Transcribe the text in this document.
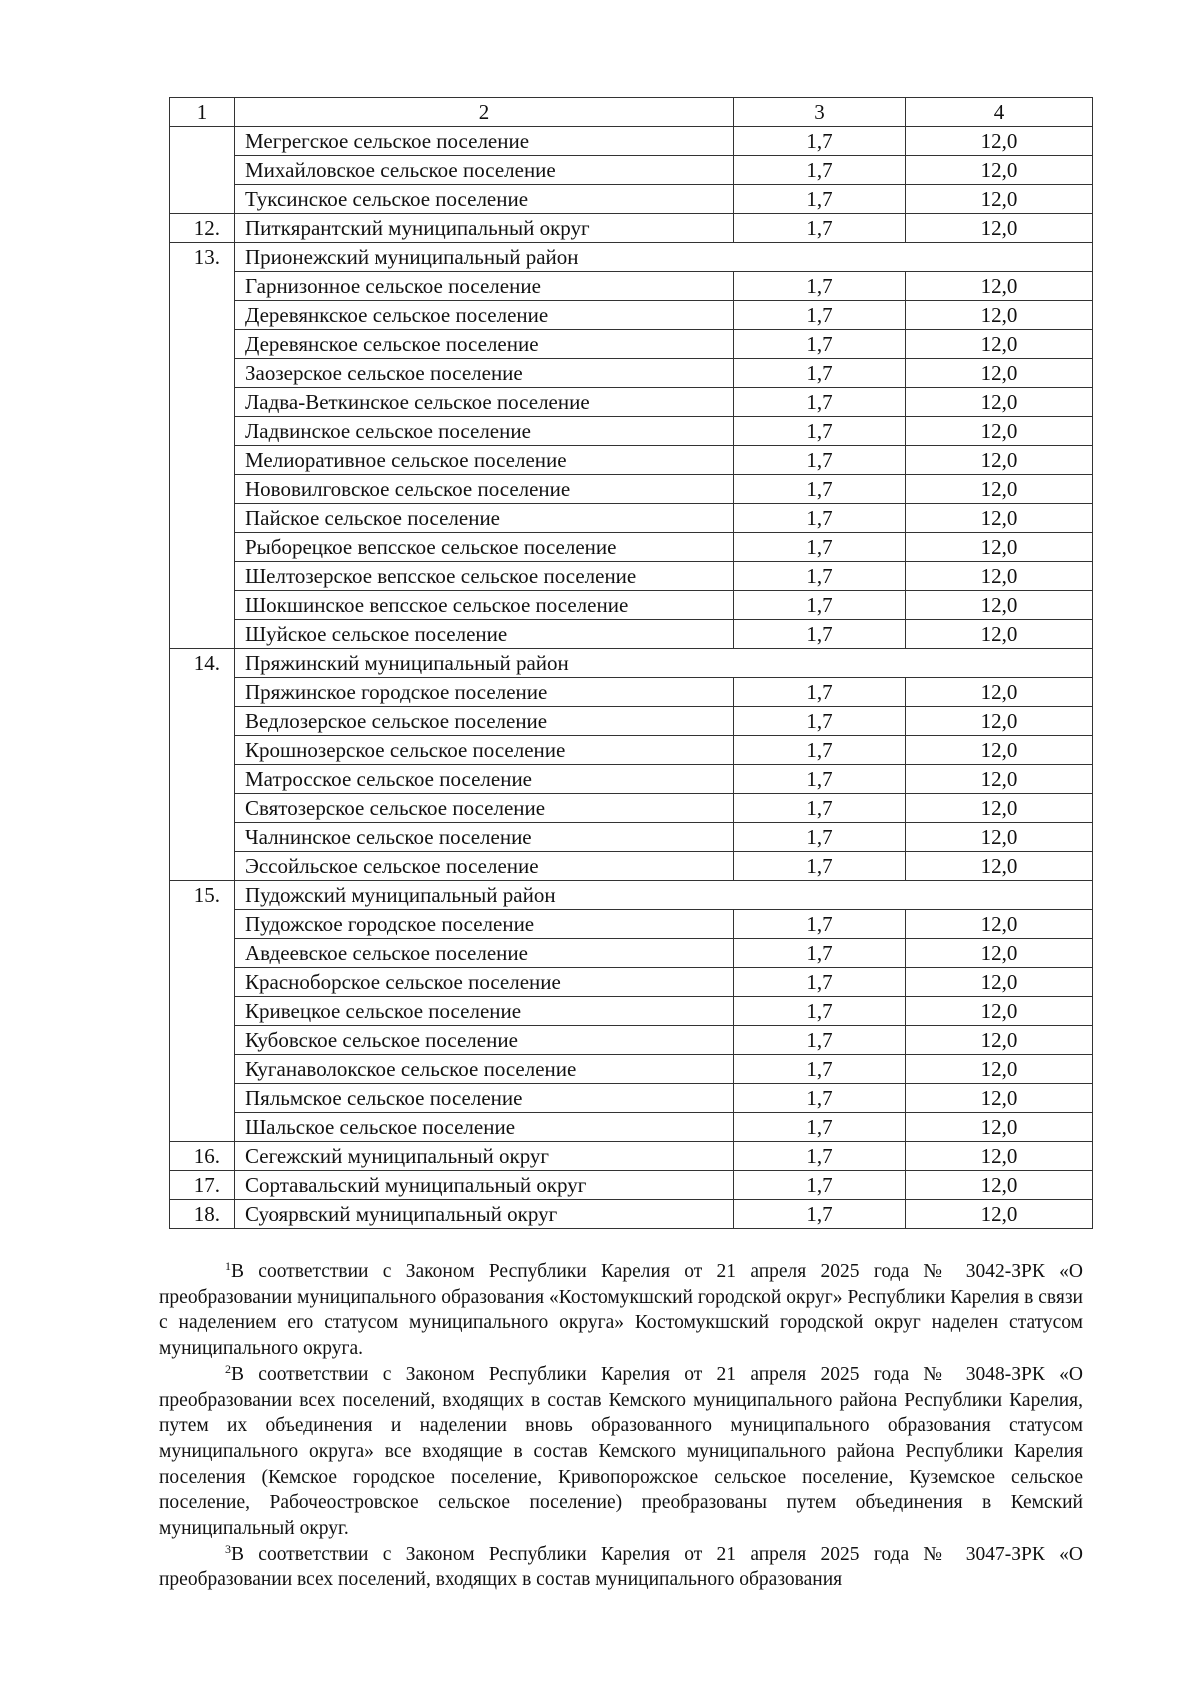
1	2	3	4
	Мегрегское сельское поселение	1,7	12,0
	Михайловское сельское поселение	1,7	12,0
	Туксинское сельское поселение	1,7	12,0
12.	Питкярантский муниципальный округ	1,7	12,0
13.	Прионежский муниципальный район		
	Гарнизонное сельское поселение	1,7	12,0
	Деревянкское сельское поселение	1,7	12,0
	Деревянское сельское поселение	1,7	12,0
	Заозерское сельское поселение	1,7	12,0
	Ладва-Веткинское сельское поселение	1,7	12,0
	Ладвинское сельское поселение	1,7	12,0
	Мелиоративное сельское поселение	1,7	12,0
	Нововилговское сельское поселение	1,7	12,0
	Пайское сельское поселение	1,7	12,0
	Рыборецкое вепсское сельское поселение	1,7	12,0
	Шелтозерское вепсское сельское поселение	1,7	12,0
	Шокшинское вепсское сельское поселение	1,7	12,0
	Шуйское сельское поселение	1,7	12,0
14.	Пряжинский муниципальный район		
	Пряжинское городское поселение	1,7	12,0
	Ведлозерское сельское поселение	1,7	12,0
	Крошнозерское сельское поселение	1,7	12,0
	Матросское сельское поселение	1,7	12,0
	Святозерское сельское поселение	1,7	12,0
	Чалнинское сельское поселение	1,7	12,0
	Эссойльское сельское поселение	1,7	12,0
15.	Пудожский муниципальный район		
	Пудожское городское поселение	1,7	12,0
	Авдеевское сельское поселение	1,7	12,0
	Красноборское сельское поселение	1,7	12,0
	Кривецкое сельское поселение	1,7	12,0
	Кубовское сельское поселение	1,7	12,0
	Куганаволокское сельское поселение	1,7	12,0
	Пяльмское сельское поселение	1,7	12,0
	Шальское сельское поселение	1,7	12,0
16.	Сегежский муниципальный округ	1,7	12,0
17.	Сортавальский муниципальный округ	1,7	12,0
18.	Суоярвский муниципальный округ	1,7	12,0

$^1$В соответствии с Законом Республики Карелия от 21 апреля 2025 года № 3042-ЗРК «О преобразовании муниципального образования «Костомукшский городской округ» Республики Карелия в связи с наделением его статусом муниципального округа» Костомукшский городской округ наделен статусом муниципального округа.

$^2$В соответствии с Законом Республики Карелия от 21 апреля 2025 года № 3048-ЗРК «О преобразовании всех поселений, входящих в состав Кемского муниципального района Республики Карелия, путем их объединения и наделении вновь образованного муниципального образования статусом муниципального округа» все входящие в состав Кемского муниципального района Республики Карелия поселения (Кемское городское поселение, Кривопорожское сельское поселение, Куземское сельское поселение, Рабочеостровское сельское поселение) преобразованы путем объединения в Кемский муниципальный округ.

$^3$В соответствии с Законом Республики Карелия от 21 апреля 2025 года № 3047-ЗРК «О преобразовании всех поселений, входящих в состав муниципального образования
